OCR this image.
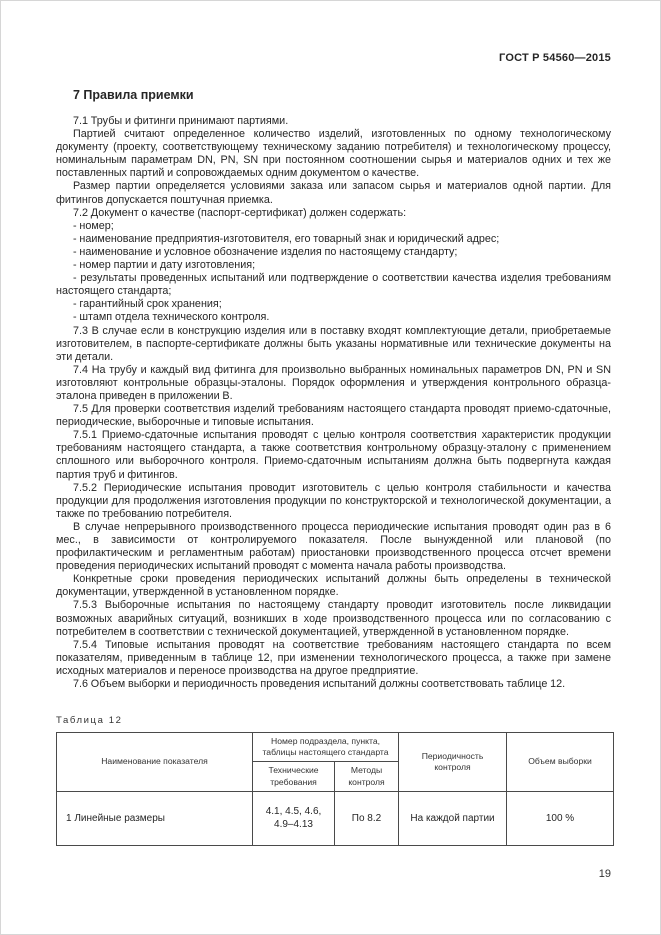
ГОСТ Р 54560—2015
7 Правила приемки

7.1 Трубы и фитинги принимают партиями.

Партией считают определенное количество изделий, изготовленных по одному технологическому документу (проекту, соответствующему техническому заданию потребителя) и технологическому процессу, номинальным параметрам DN, PN, SN при постоянном соотношении сырья и материалов одних и тех же поставленных партий и сопровождаемых одним документом о качестве.

Размер партии определяется условиями заказа или запасом сырья и материалов одной партии. Для фитингов допускается поштучная приемка.

7.2 Документ о качестве (паспорт-сертификат) должен содержать:

- номер;

- наименование предприятия-изготовителя, его товарный знак и юридический адрес;

- наименование и условное обозначение изделия по настоящему стандарту;

- номер партии и дату изготовления;

- результаты проведенных испытаний или подтверждение о соответствии качества изделия требованиям настоящего стандарта;

- гарантийный срок хранения;

- штамп отдела технического контроля.

7.3 В случае если в конструкцию изделия или в поставку входят комплектующие детали, приобретаемые изготовителем, в паспорте-сертификате должны быть указаны нормативные или технические документы на эти детали.

7.4 На трубу и каждый вид фитинга для произвольно выбранных номинальных параметров DN, PN и SN изготовляют контрольные образцы-эталоны. Порядок оформления и утверждения контрольного образца-эталона приведен в приложении В.

7.5 Для проверки соответствия изделий требованиям настоящего стандарта проводят приемо-сдаточные, периодические, выборочные и типовые испытания.

7.5.1 Приемо-сдаточные испытания проводят с целью контроля соответствия характеристик продукции требованиям настоящего стандарта, а также соответствия контрольному образцу-эталону с применением сплошного или выборочного контроля. Приемо-сдаточным испытаниям должна быть подвергнута каждая партия труб и фитингов.

7.5.2 Периодические испытания проводит изготовитель с целью контроля стабильности и качества продукции для продолжения изготовления продукции по конструкторской и технологической документации, а также по требованию потребителя.

В случае непрерывного производственного процесса периодические испытания проводят один раз в 6 мес., в зависимости от контролируемого показателя. После вынужденной или плановой (по профилактическим и регламентным работам) приостановки производственного процесса отсчет времени проведения периодических испытаний проводят с момента начала работы производства.

Конкретные сроки проведения периодических испытаний должны быть определены в технической документации, утвержденной в установленном порядке.

7.5.3 Выборочные испытания по настоящему стандарту проводит изготовитель после ликвидации возможных аварийных ситуаций, возникших в ходе производственного процесса или по согласованию с потребителем в соответствии с технической документацией, утвержденной в установленном порядке.

7.5.4 Типовые испытания проводят на соответствие требованиям настоящего стандарта по всем показателям, приведенным в таблице 12, при изменении технологического процесса, а также при замене исходных материалов и переносе производства на другое предприятие.

7.6 Объем выборки и периодичность проведения испытаний должны соответствовать таблице 12.

Таблица 12
Наименование показателя	Номер подраздела, пункта, таблицы настоящего стандарта		Периодичность контроля	Объем выборки
	Технические требования	Методы контроля		
1 Линейные размеры	4.1, 4.5, 4.6, 4.9–4.13	По 8.2	На каждой партии	100 %
19
